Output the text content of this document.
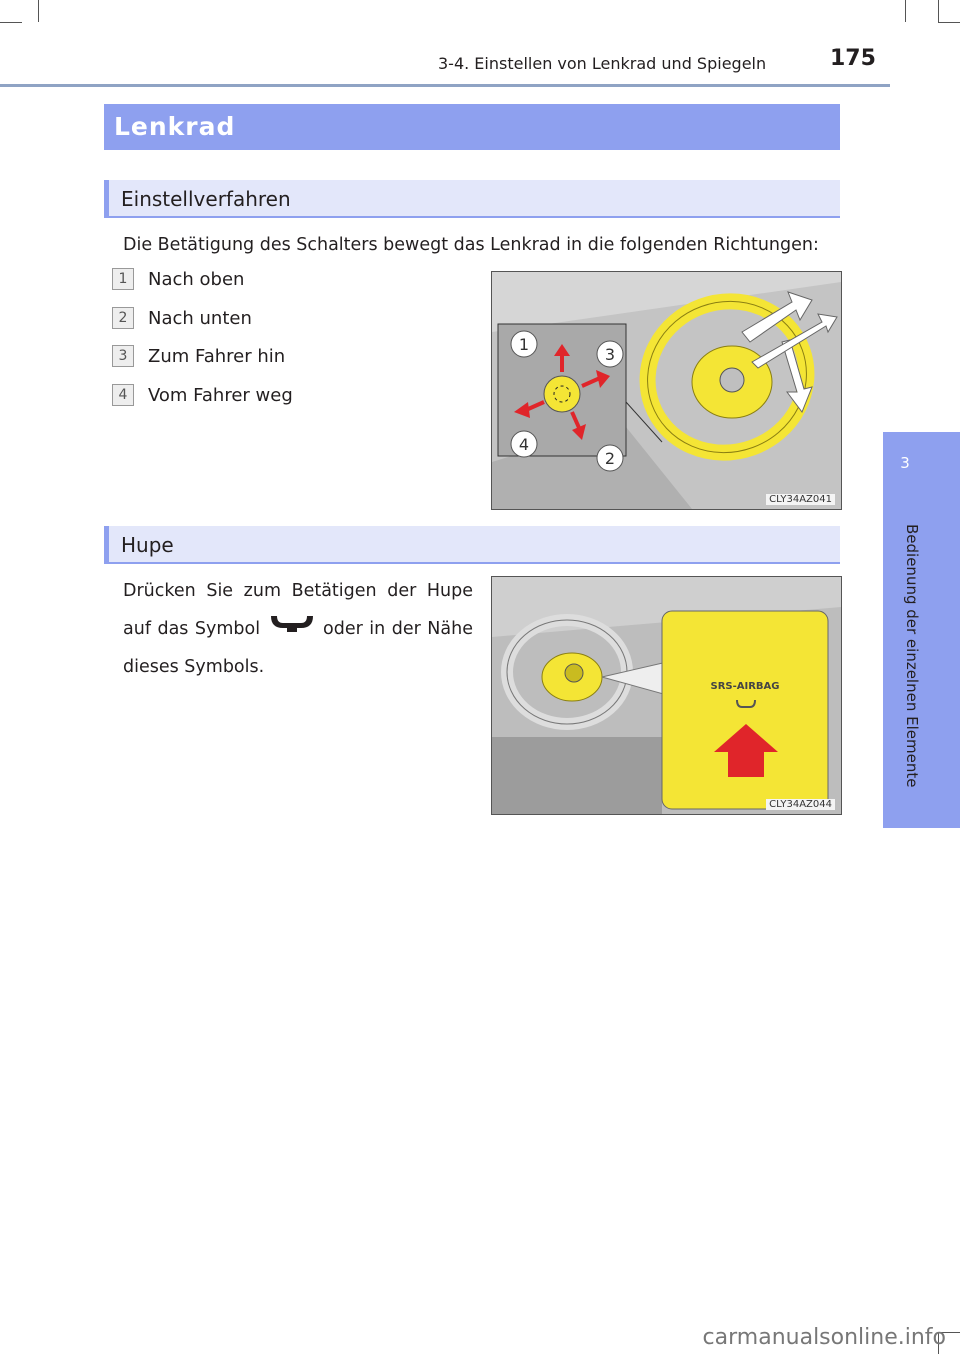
3-4. Einstellen von Lenkrad und Spiegeln	175
3
Bedienung der einzelnen Elemente
Lenkrad
Einstellverfahren
Die Betätigung des Schalters bewegt das Lenkrad in die folgenden Richtungen:
1 Nach oben
2 Nach unten
3 Zum Fahrer hin
4 Vom Fahrer weg
1
3
4
2
CLY34AZ041
Hupe
Drücken Sie zum Betätigen der Hupe auf das Symbol	oder in der Nähe dieses Symbols.
SRS-AIRBAG
CLY34AZ044
carmanualsonline.info
